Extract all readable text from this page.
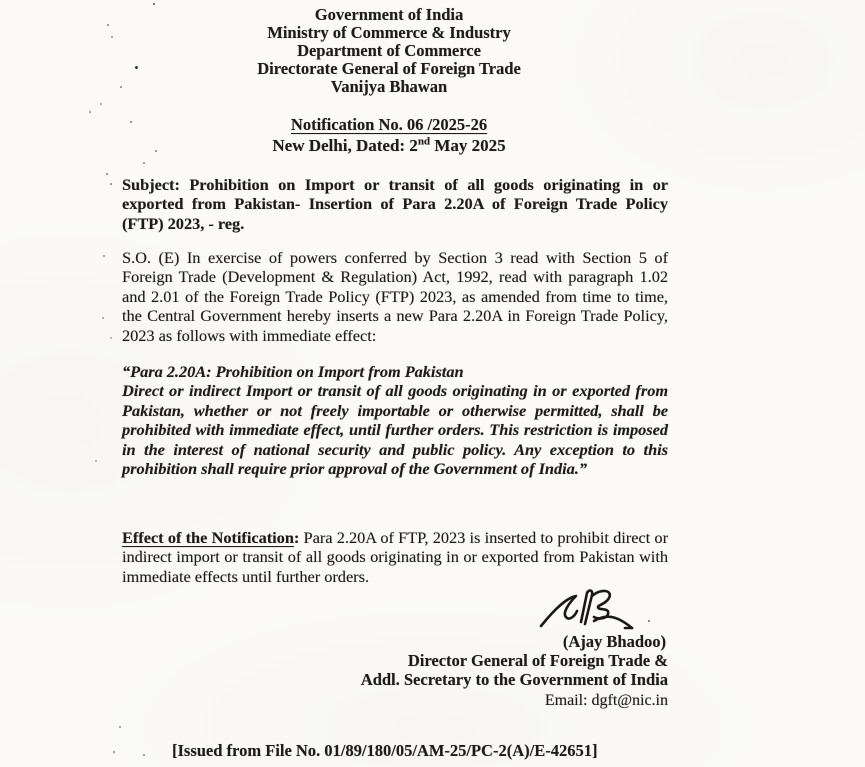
Government of India
Ministry of Commerce & Industry
Department of Commerce
Directorate General of Foreign Trade
Vanijya Bhawan
Notification No. 06 /2025-26
New Delhi, Dated: 2nd May 2025
Subject: Prohibition on Import or transit of all goods originating in or exported from Pakistan- Insertion of Para 2.20A of Foreign Trade Policy (FTP) 2023, - reg.
S.O. (E) In exercise of powers conferred by Section 3 read with Section 5 of Foreign Trade (Development & Regulation) Act, 1992, read with paragraph 1.02 and 2.01 of the Foreign Trade Policy (FTP) 2023, as amended from time to time, the Central Government hereby inserts a new Para 2.20A in Foreign Trade Policy, 2023 as follows with immediate effect:
“Para 2.20A: Prohibition on Import from Pakistan
Direct or indirect Import or transit of all goods originating in or exported from Pakistan, whether or not freely importable or otherwise permitted, shall be prohibited with immediate effect, until further orders. This restriction is imposed in the interest of national security and public policy. Any exception to this prohibition shall require prior approval of the Government of India.”
Effect of the Notification: Para 2.20A of FTP, 2023 is inserted to prohibit direct or indirect import or transit of all goods originating in or exported from Pakistan with immediate effects until further orders.
(Ajay Bhadoo)
Director General of Foreign Trade &
Addl. Secretary to the Government of India
Email: dgft@nic.in
[Issued from File No. 01/89/180/05/AM-25/PC-2(A)/E-42651]
